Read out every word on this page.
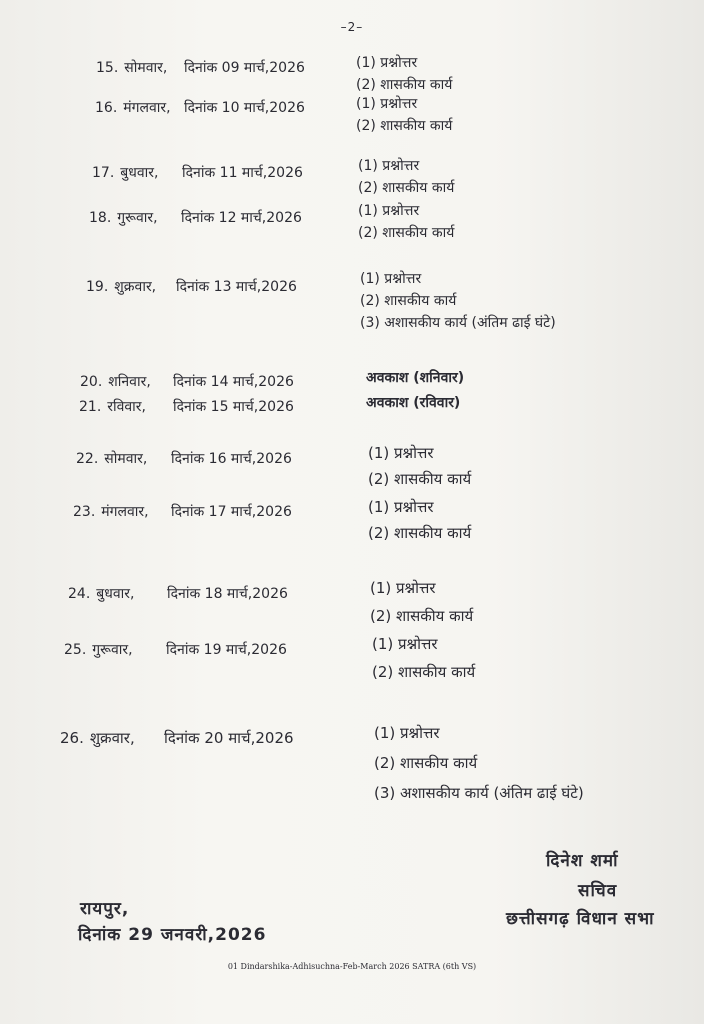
–2–
15. सोमवार, दिनांक 09 मार्च,2026	(1) प्रश्नोत्तर
(2) शासकीय कार्य
16. मंगलवार, दिनांक 10 मार्च,2026	(1) प्रश्नोत्तर
(2) शासकीय कार्य
17. बुधवार, दिनांक 11 मार्च,2026	(1) प्रश्नोत्तर
(2) शासकीय कार्य
18. गुरूवार, दिनांक 12 मार्च,2026	(1) प्रश्नोत्तर
(2) शासकीय कार्य
19. शुक्रवार, दिनांक 13 मार्च,2026	(1) प्रश्नोत्तर
(2) शासकीय कार्य
(3) अशासकीय कार्य (अंतिम ढाई घंटे)
20. शनिवार, दिनांक 14 मार्च,2026	अवकाश (शनिवार)
21. रविवार, दिनांक 15 मार्च,2026	अवकाश (रविवार)
22. सोमवार, दिनांक 16 मार्च,2026	(1) प्रश्नोत्तर
(2) शासकीय कार्य
23. मंगलवार, दिनांक 17 मार्च,2026	(1) प्रश्नोत्तर
(2) शासकीय कार्य
24. बुधवार, दिनांक 18 मार्च,2026	(1) प्रश्नोत्तर
(2) शासकीय कार्य
25. गुरूवार, दिनांक 19 मार्च,2026	(1) प्रश्नोत्तर
(2) शासकीय कार्य
26. शुक्रवार, दिनांक 20 मार्च,2026	(1) प्रश्नोत्तर
(2) शासकीय कार्य
(3) अशासकीय कार्य (अंतिम ढाई घंटे)
दिनेश शर्मा
सचिव
छत्तीसगढ़ विधान सभा
रायपुर,
दिनांक 29 जनवरी,2026
01 Dindarshika-Adhisuchna-Feb-March 2026 SATRA (6th VS)
